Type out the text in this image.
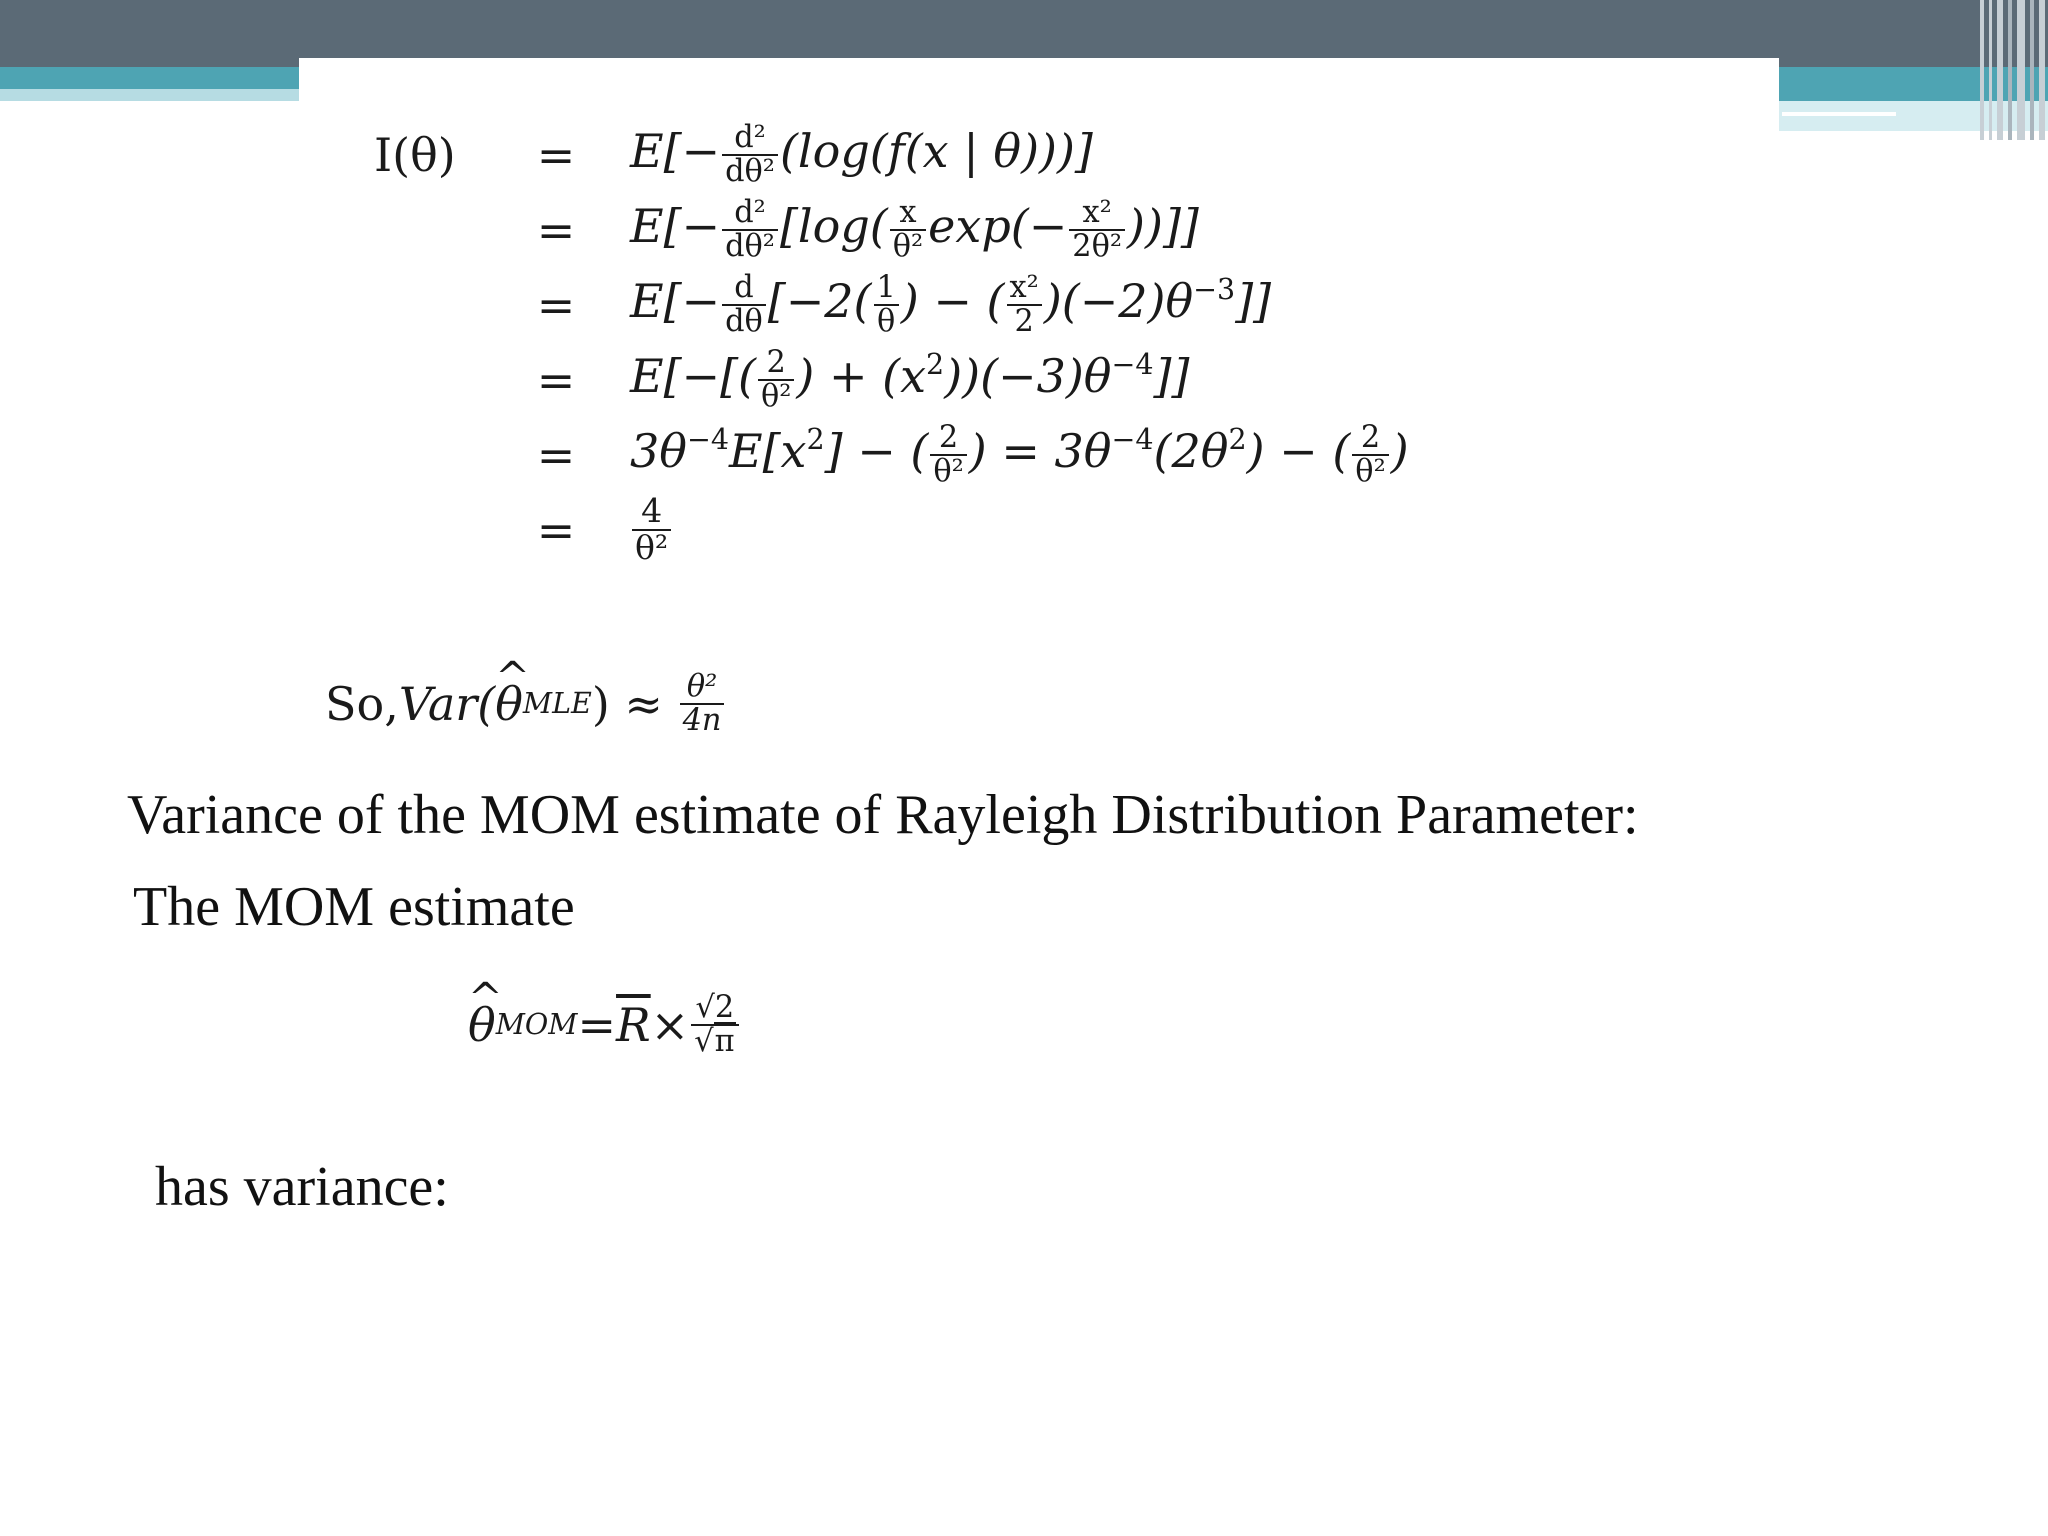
I(θ)	= $E[- \frac{\text{d²}}{\text{dθ²}} (\log(f(x$ | θ)))]
= $E[- \frac{\text{d²}}{\text{dθ²}} [\log( \frac{x}{\text{θ²}} \exp(- \frac{\text{x²}}{\text{2θ²}}$ ))]]
= $E[- \frac{d}{d\theta} [-2( \frac{1}{\theta}$ ) − ( $\frac{\text{x²}}{2} )(-2)\theta^{-3}$]]
= $E[-[( \frac{2}{\text{θ²}}$ ) + $(x^2))(-3)\theta^{-4}$]]
= $3\theta^{-4}E[x^2]$ − ( $\frac{2}{\text{θ²}}$ ) = $3\theta^{-4}(2\theta^2)$ − ( $\frac{2}{\text{θ²}}$ )
=	$\frac{4}{\text{θ²}}$
So, Var( ^ θ MLE ) ≈
$\frac{\text{θ²}}{4n}$
Variance of the MOM estimate of Rayleigh Distribution Parameter:
The MOM estimate
^ θ MOM = $\overline{R} \times \frac{√2}{√\pi}$
has variance:
